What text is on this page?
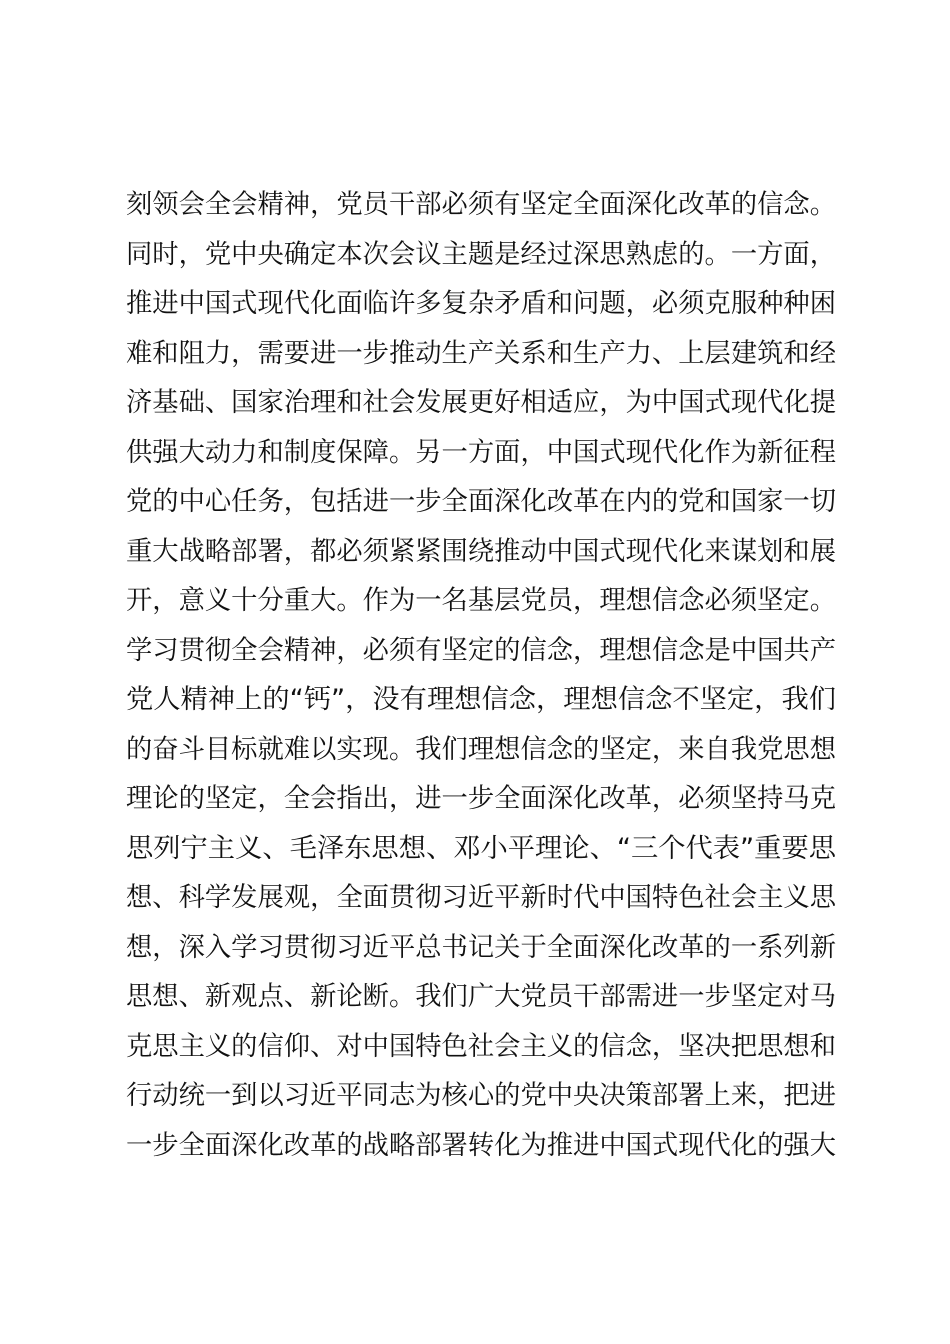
刻领会全会精神，党员干部必须有坚定全面深化改革的信念。
同时，党中央确定本次会议主题是经过深思熟虑的。一方面，
推进中国式现代化面临许多复杂矛盾和问题，必须克服种种困
难和阻力，需要进一步推动生产关系和生产力、上层建筑和经
济基础、国家治理和社会发展更好相适应，为中国式现代化提
供强大动力和制度保障。另一方面，中国式现代化作为新征程
党的中心任务，包括进一步全面深化改革在内的党和国家一切
重大战略部署，都必须紧紧围绕推动中国式现代化来谋划和展
开，意义十分重大。作为一名基层党员，理想信念必须坚定。
学习贯彻全会精神，必须有坚定的信念，理想信念是中国共产
党人精神上的“钙”，没有理想信念，理想信念不坚定，我们
的奋斗目标就难以实现。我们理想信念的坚定，来自我党思想
理论的坚定，全会指出，进一步全面深化改革，必须坚持马克
思列宁主义、毛泽东思想、邓小平理论、“三个代表”重要思
想、科学发展观，全面贯彻习近平新时代中国特色社会主义思
想，深入学习贯彻习近平总书记关于全面深化改革的一系列新
思想、新观点、新论断。我们广大党员干部需进一步坚定对马
克思主义的信仰、对中国特色社会主义的信念，坚决把思想和
行动统一到以习近平同志为核心的党中央决策部署上来，把进
一步全面深化改革的战略部署转化为推进中国式现代化的强大
